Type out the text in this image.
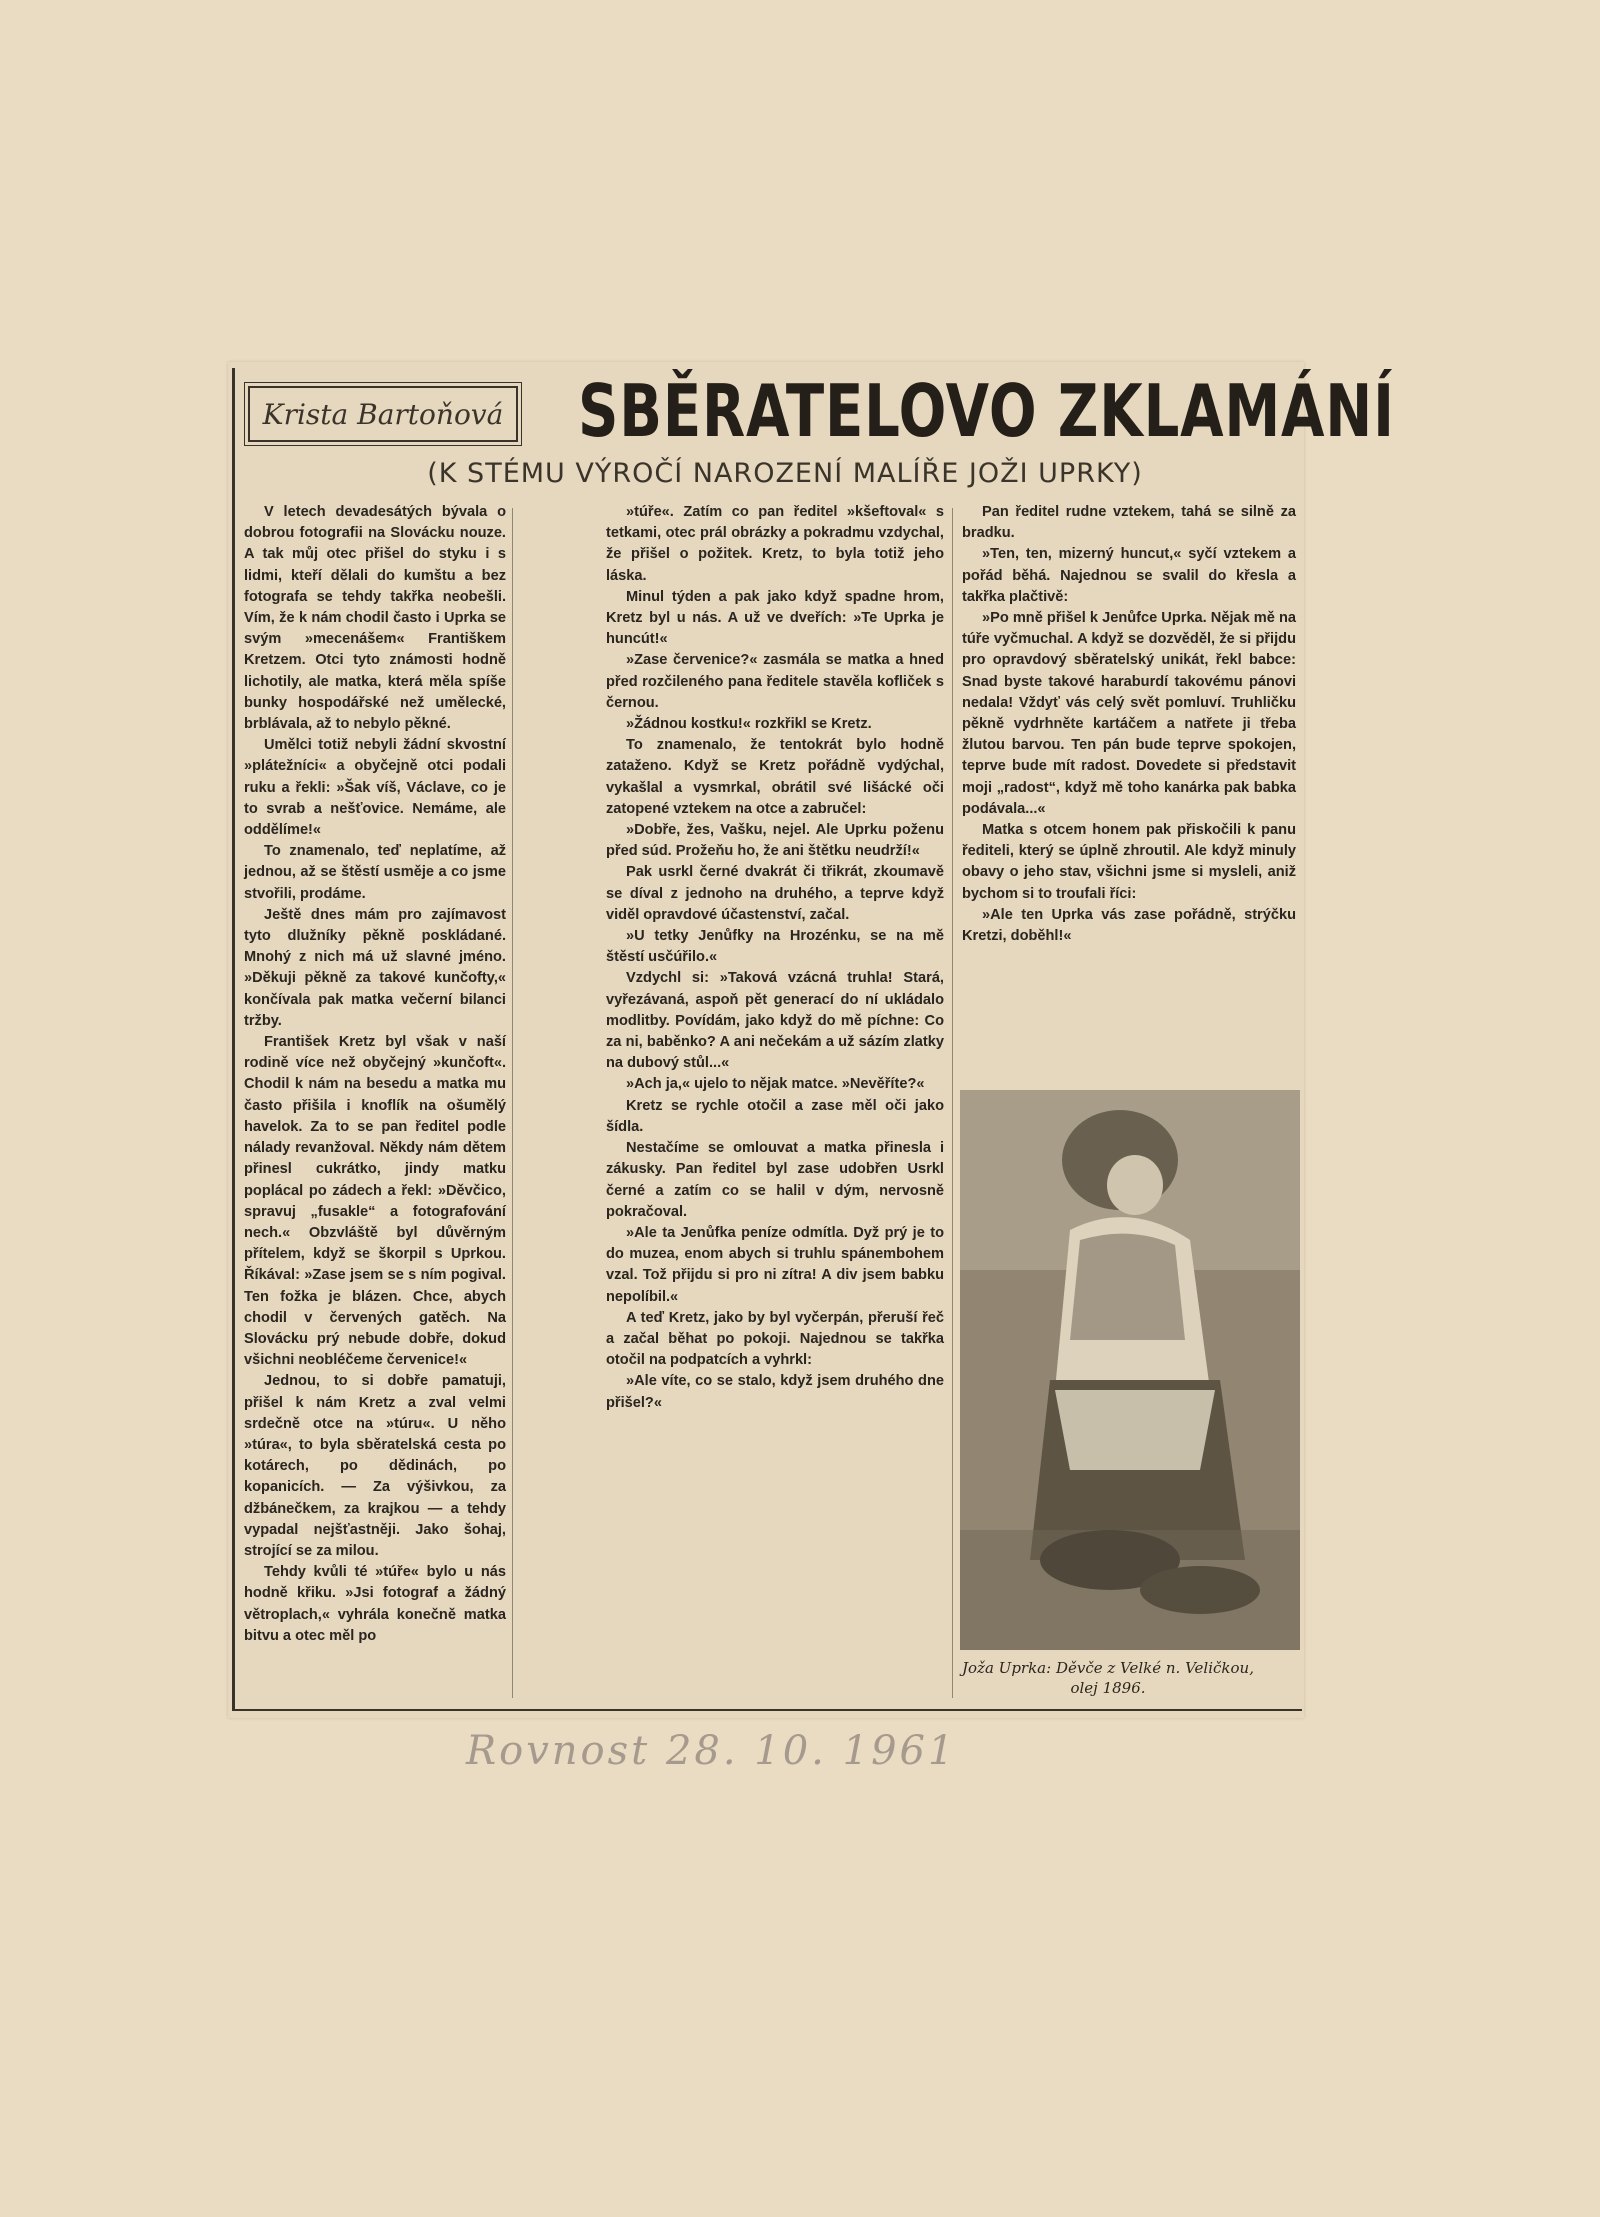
Krista Bartoňová SBĚRATELOVO ZKLAMÁNÍ
(K STÉMU VÝROČÍ NAROZENÍ MALÍŘE JOŽI UPRKY)

V letech devadesátých bývala o dobrou fotografii na Slovácku nouze. A tak můj otec přišel do styku i s lidmi, kteří dělali do kumštu a bez fotografa se tehdy takřka neobešli. Vím, že k nám chodil často i Uprka se svým »mecenášem« Františkem Kretzem. Otci tyto známosti hodně lichotily, ale matka, která měla spíše bunky hospodářské než umělecké, brblávala, až to nebylo pěkné.

Umělci totiž nebyli žádní skvostní »plátežníci« a obyčejně otci podali ruku a řekli: »Šak víš, Václave, co je to svrab a nešťovice. Nemáme, ale oddělíme!«

To znamenalo, teď neplatíme, až jednou, až se štěstí usměje a co jsme stvořili, prodáme.

Ještě dnes mám pro zajímavost tyto dlužníky pěkně poskládané. Mnohý z nich má už slavné jméno. »Děkuji pěkně za takové kunčofty,« končívala pak matka večerní bilanci tržby.

František Kretz byl však v naší rodině více než obyčejný »kunčoft«. Chodil k nám na besedu a matka mu často přišila i knoflík na ošumělý havelok. Za to se pan ředitel podle nálady revanžoval. Někdy nám dětem přinesl cukrátko, jindy matku poplácal po zádech a řekl: »Děvčico, spravuj „fusakle“ a fotografování nech.« Obzvláště byl důvěrným přítelem, když se škorpil s Uprkou. Říkával: »Zase jsem se s ním pogival. Ten fožka je blázen. Chce, abych chodil v červených gatěch. Na Slovácku prý nebude dobře, dokud všichni neobléčeme červenice!«

Jednou, to si dobře pamatuji, přišel k nám Kretz a zval velmi srdečně otce na »túru«. U něho »túra«, to byla sběratelská cesta po kotárech, po dědinách, po kopanicích. — Za výšivkou, za džbánečkem, za krajkou — a tehdy vypadal nejšťastněji. Jako šohaj, strojící se za milou.

Tehdy kvůli té »túře« bylo u nás hodně křiku. »Jsi fotograf a žádný větroplach,« vyhrála konečně matka bitvu a otec měl po

»túře«. Zatím co pan ředitel »kšeftoval« s tetkami, otec prál obrázky a pokradmu vzdychal, že přišel o požitek. Kretz, to byla totiž jeho láska.

Minul týden a pak jako když spadne hrom, Kretz byl u nás. A už ve dveřích: »Te Uprka je huncút!«

»Zase červenice?« zasmála se matka a hned před rozčileného pana ředitele stavěla kofliček s černou.

»Žádnou kostku!« rozkřikl se Kretz.

To znamenalo, že tentokrát bylo hodně zataženo. Když se Kretz pořádně vydýchal, vykašlal a vysmrkal, obrátil své lišácké oči zatopené vztekem na otce a zabručel:

»Dobře, žes, Vašku, nejel. Ale Uprku poženu před súd. Prožeňu ho, že ani štětku neudrží!«

Pak usrkl černé dvakrát či třikrát, zkoumavě se díval z jednoho na druhého, a teprve když viděl opravdové účastenství, začal.

»U tetky Jenůfky na Hrozénku, se na mě štěstí usčúřilo.«

Vzdychl si: »Taková vzácná truhla! Stará, vyřezávaná, aspoň pět generací do ní ukládalo modlitby. Povídám, jako když do mě píchne: Co za ni, baběnko? A ani nečekám a už sázím zlatky na dubový stůl...«

»Ach ja,« ujelo to nějak matce. »Nevěříte?«

Kretz se rychle otočil a zase měl oči jako šídla.

Nestačíme se omlouvat a matka přinesla i zákusky. Pan ředitel byl zase udobřen Usrkl černé a zatím co se halil v dým, nervosně pokračoval.

»Ale ta Jenůfka peníze odmítla. Dyž prý je to do muzea, enom abych si truhlu spánembohem vzal. Tož přijdu si pro ni zítra! A div jsem babku nepolíbil.«

A teď Kretz, jako by byl vyčerpán, přeruší řeč a začal běhat po pokoji. Najednou se takřka otočil na podpatcích a vyhrkl:

»Ale víte, co se stalo, když jsem druhého dne přišel?«

Pan ředitel rudne vztekem, tahá se silně za bradku.

»Ten, ten, mizerný huncut,« syčí vztekem a pořád běhá. Najednou se svalil do křesla a takřka plačtivě:

»Po mně přišel k Jenůfce Uprka. Nějak mě na túře vyčmuchal. A když se dozvěděl, že si přijdu pro opravdový sběratelský unikát, řekl babce: Snad byste takové haraburdí takovému pánovi nedala! Vždyť vás celý svět pomluví. Truhličku pěkně vydrhněte kartáčem a natřete ji třeba žlutou barvou. Ten pán bude teprve spokojen, teprve bude mít radost. Dovedete si představit moji „radost“, když mě toho kanárka pak babka podávala...«

Matka s otcem honem pak přiskočili k panu řediteli, který se úplně zhroutil. Ale když minuly obavy o jeho stav, všichni jsme si mysleli, aniž bychom si to troufali říci:

»Ale ten Uprka vás zase pořádně, strýčku Kretzi, doběhl!«

Joža Uprka: Děvče z Velké n. Veličkou, olej 1896.
Rovnost 28. 10. 1961
